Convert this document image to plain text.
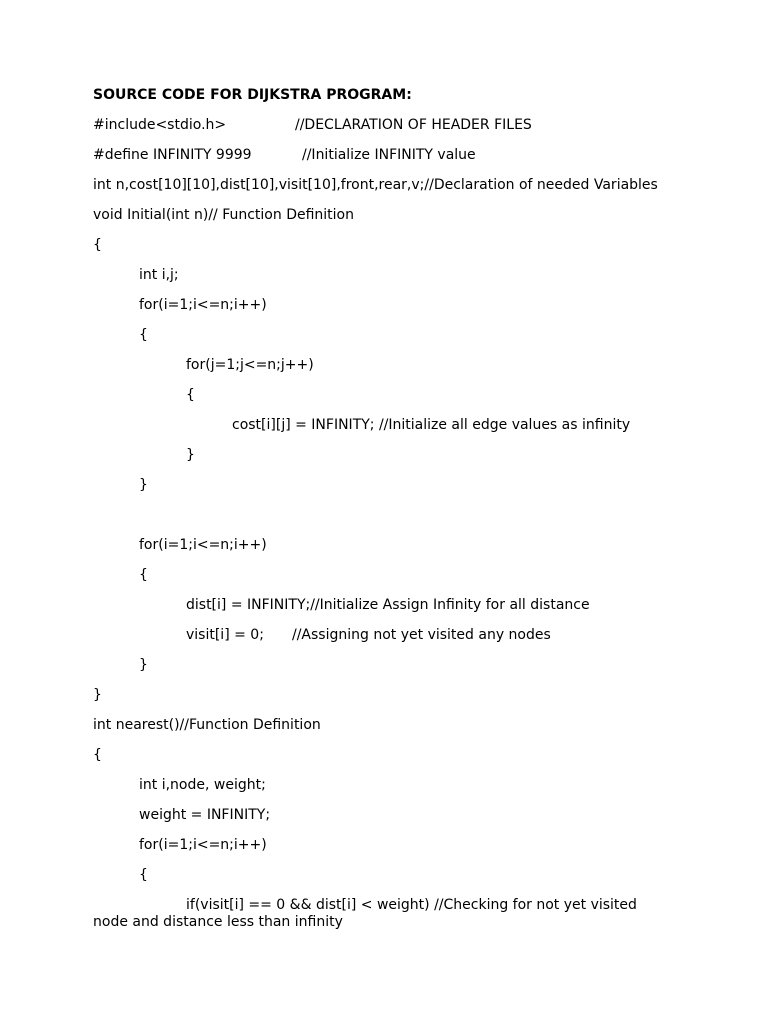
SOURCE CODE FOR DIJKSTRA PROGRAM:

#include<stdio.h>	//DECLARATION OF HEADER FILES
#define INFINITY 9999	//Initialize INFINITY value

int n,cost[10][10],dist[10],visit[10],front,rear,v;//Declaration of needed Variables

void Initial(int n)// Function Definition

{

int i,j;

for(i=1;i<=n;i++)

{

for(j=1;j<=n;j++)

{

cost[i][j] = INFINITY; //Initialize all edge values as infinity

}

}

for(i=1;i<=n;i++)

{

dist[i] = INFINITY;//Initialize Assign Infinity for all distance

visit[i] = 0; //Assigning not yet visited any nodes

}

}

int nearest()//Function Definition

{

int i,node, weight;

weight = INFINITY;

for(i=1;i<=n;i++)

{

if(visit[i] == 0 && dist[i] < weight) //Checking for not yet visited

node and distance less than infinity
